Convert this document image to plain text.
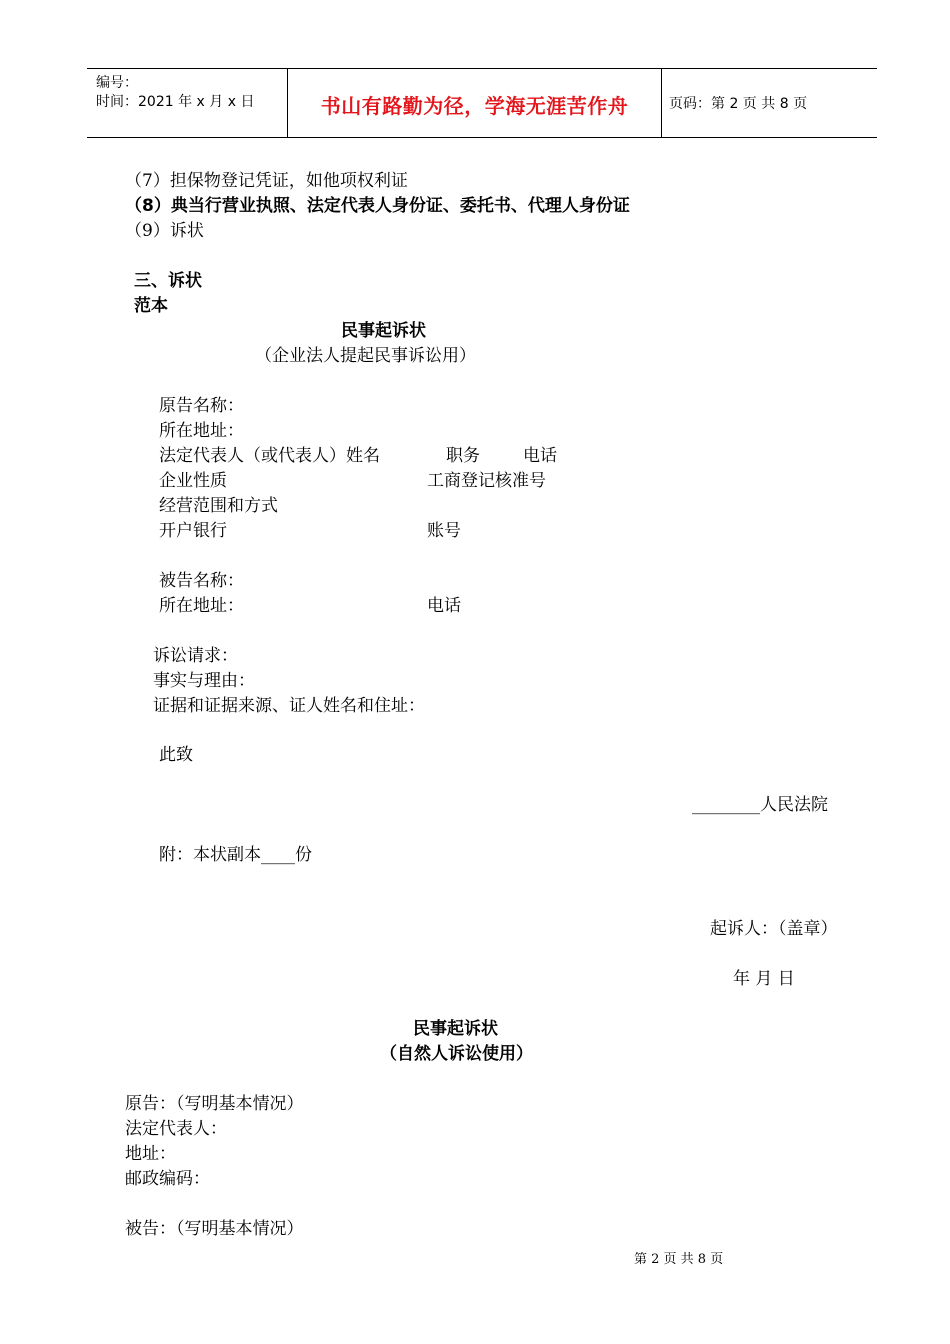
编号：
时间：2021 年 x 月 x 日	书山有路勤为径，学海无涯苦作舟	页码：第 2 页 共 8 页
（7）担保物登记凭证，如他项权利证
（8）典当行营业执照、法定代表人身份证、委托书、代理人身份证
（9）诉状
三、诉状
范本
民事起诉状
（企业法人提起民事诉讼用）
原告名称：
所在地址：
法定代表人（或代表人）姓名	职务	电话
企业性质	工商登记核准号
经营范围和方式
开户银行	账号
被告名称：
所在地址：	电话
诉讼请求：
事实与理由：
证据和证据来源、证人姓名和住址：
此致
________人民法院
附：本状副本____份
起诉人：（盖章）
年 月 日
民事起诉状
（自然人诉讼使用）
原告：（写明基本情况）
法定代表人：
地址：
邮政编码：
被告：（写明基本情况）
第 2 页 共 8 页
